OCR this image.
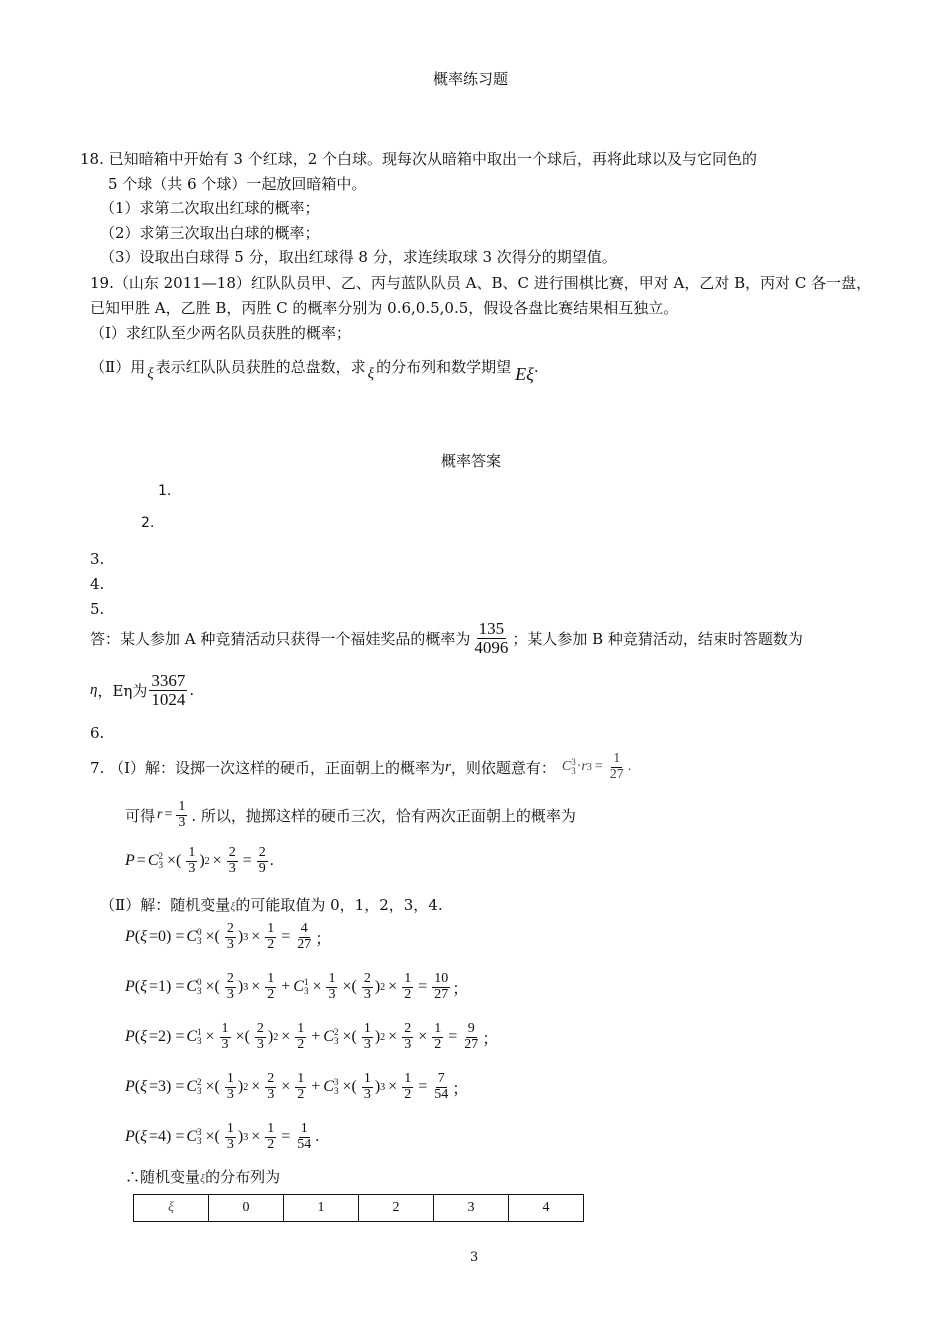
概率练习题
18. 已知暗箱中开始有 3 个红球，2 个白球。现每次从暗箱中取出一个球后，再将此球以及与它同色的
5 个球（共 6 个球）一起放回暗箱中。
（1）求第二次取出红球的概率；
（2）求第三次取出白球的概率；
（3）设取出白球得 5 分，取出红球得 8 分，求连续取球 3 次得分的期望值。
19.（山东 2011—18）红队队员甲、乙、丙与蓝队队员 A、B、C 进行围棋比赛，甲对 A，乙对 B，丙对 C 各一盘，
已知甲胜 A，乙胜 B，丙胜 C 的概率分别为 0.6,0.5,0.5，假设各盘比赛结果相互独立。
（Ⅰ）求红队至少两名队员获胜的概率；
（Ⅱ）用 ξ 表示红队队员获胜的总盘数，求 ξ 的分布列和数学期望 Eξ.
概率答案
1.
2.
3.
4.
5.
答：某人参加 A 种竞猜活动只获得一个福娃奖品的概率为 $\frac{135}{4096}$ ；某人参加 B 种竞猜活动，结束时答题数为
η ，Eη为 $\frac{3367}{1024}$ .
6.
7. （Ⅰ）解：设掷一次这样的硬币，正面朝上的概率为 r ，则依题意有： C 3
3 · r $3 = \frac{1}{27}$ .
可得 $r = \frac{1}{3}$ . 所以，抛掷这样的硬币三次，恰有两次正面朝上的概率为
P = C 2
3 ×( $\frac{1}{3}$ ) $2 \times \frac{2}{3} = \frac{2}{9}$ .
（Ⅱ）解：随机变量ξ的可能取值为 0，1，2，3，4.
P ( ξ =0) = C 0
3 ×( $\frac{2}{3}$ ) $3 \times \frac{1}{2} = \frac{4}{27}$ ；
P ( ξ =1) = C 0
3 ×( $\frac{2}{3}$ ) $3 \times \frac{1}{2} + C$ 1
$3 \times \frac{1}{3}$ ×( $\frac{2}{3}$ ) $2 \times \frac{1}{2} = \frac{10}{27}$ ；
P ( ξ =2) = C 1
$3 \times \frac{1}{3}$ ×( $\frac{2}{3}$ ) $2 \times \frac{1}{2} + C$ 2
3 ×( $\frac{1}{3}$ ) $2 \times \frac{2}{3} \times \frac{1}{2} = \frac{9}{27}$ ；
P ( ξ =3) = C 2
3 ×( $\frac{1}{3}$ ) $2 \times \frac{2}{3} \times \frac{1}{2} + C$ 3
3 ×( $\frac{1}{3}$ ) $3 \times \frac{1}{2} = \frac{7}{54}$ ；
P ( ξ =4) = C 3
3 ×( $\frac{1}{3}$ ) $3 \times \frac{1}{2} = \frac{1}{54}$ .
∴随机变量ξ的分布列为
ξ	0	1	2	3	4
3
